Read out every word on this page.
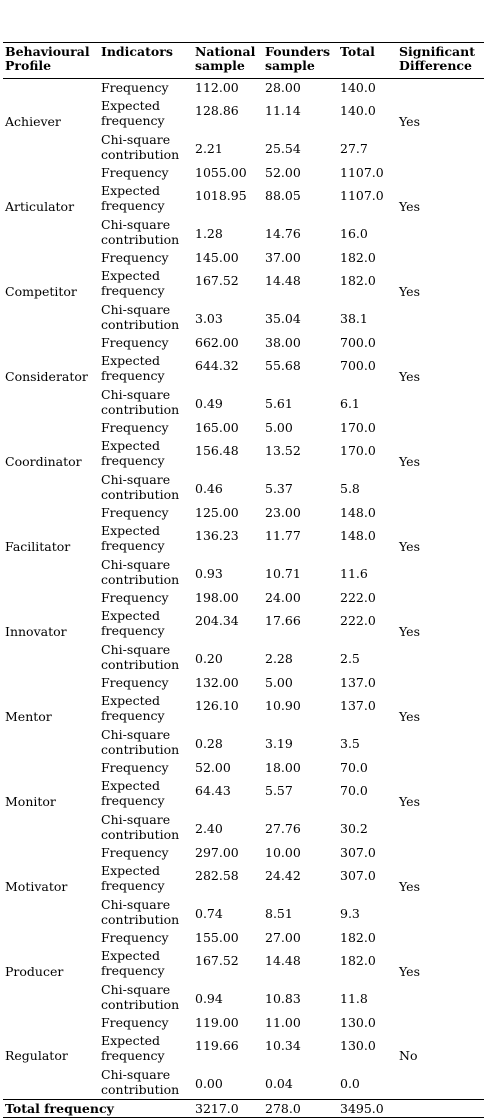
Behavioural Profile	Indicators	National sample	Founders sample	Total	Significant Difference
Achiever	Frequency	112.00	28.00	140.0	Yes
	Expected frequency	128.86	11.14	140.0	
	Chi-square contribution	2.21	25.54	27.7	
Articulator	Frequency	1055.00	52.00	1107.0	Yes
	Expected frequency	1018.95	88.05	1107.0	
	Chi-square contribution	1.28	14.76	16.0	
Competitor	Frequency	145.00	37.00	182.0	Yes
	Expected frequency	167.52	14.48	182.0	
	Chi-square contribution	3.03	35.04	38.1	
Considerator	Frequency	662.00	38.00	700.0	Yes
	Expected frequency	644.32	55.68	700.0	
	Chi-square contribution	0.49	5.61	6.1	
Coordinator	Frequency	165.00	5.00	170.0	Yes
	Expected frequency	156.48	13.52	170.0	
	Chi-square contribution	0.46	5.37	5.8	
Facilitator	Frequency	125.00	23.00	148.0	Yes
	Expected frequency	136.23	11.77	148.0	
	Chi-square contribution	0.93	10.71	11.6	
Innovator	Frequency	198.00	24.00	222.0	Yes
	Expected frequency	204.34	17.66	222.0	
	Chi-square contribution	0.20	2.28	2.5	
Mentor	Frequency	132.00	5.00	137.0	Yes
	Expected frequency	126.10	10.90	137.0	
	Chi-square contribution	0.28	3.19	3.5	
Monitor	Frequency	52.00	18.00	70.0	Yes
	Expected frequency	64.43	5.57	70.0	
	Chi-square contribution	2.40	27.76	30.2	
Motivator	Frequency	297.00	10.00	307.0	Yes
	Expected frequency	282.58	24.42	307.0	
	Chi-square contribution	0.74	8.51	9.3	
Producer	Frequency	155.00	27.00	182.0	Yes
	Expected frequency	167.52	14.48	182.0	
	Chi-square contribution	0.94	10.83	11.8	
Regulator	Frequency	119.00	11.00	130.0	No
	Expected frequency	119.66	10.34	130.0	
	Chi-square contribution	0.00	0.04	0.0	
Total frequency		3217.0	278.0	3495.0	
